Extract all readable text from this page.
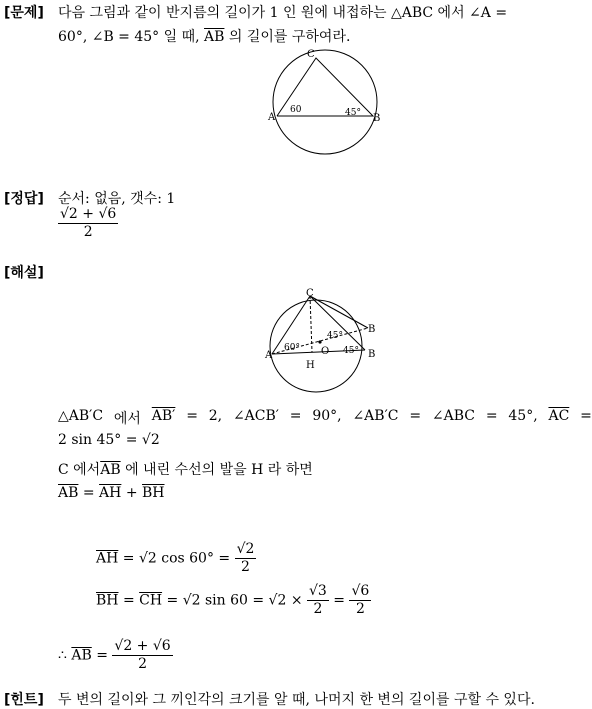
[문제] 다음 그림과 같이 반지름의 길이가 1 인 원에 내접하는 △ABC 에서 ∠A =
60°, ∠B = 45° 일 때, $\overline{AB}$ 의 길이를 구하여라.
C
A	B
60	45°
[정답] 순서: 없음, 갯수: 1
$\frac{√2 + √6}{2}$
[해설]
C
A
B
B
O
H
60°
45°
45°
△AB′C 에서 AB′ = 2, ∠ACB′ = 90°, ∠AB′C = ∠ABC = 45°, $\overline{AC}$ =
2 sin 45° = √2
C 에서$\overline{AB}$ 에 내린 수선의 발을 H 라 하면
$\overline{AB} = \overline{AH} + \overline{BH}$
$\overline{AH} = √2$ $\cos 60^\circ = \frac{√2}{2}$
$\overline{BH} = \overline{CH} = √2$ $\sin 60 = √2 \times \frac{√3}{2} = \frac{√6}{2}$
∴ $\overline{AB} = \frac{√2 + √6}{2}$
[힌트] 두 변의 길이와 그 끼인각의 크기를 알 때, 나머지 한 변의 길이를 구할 수 있다.
